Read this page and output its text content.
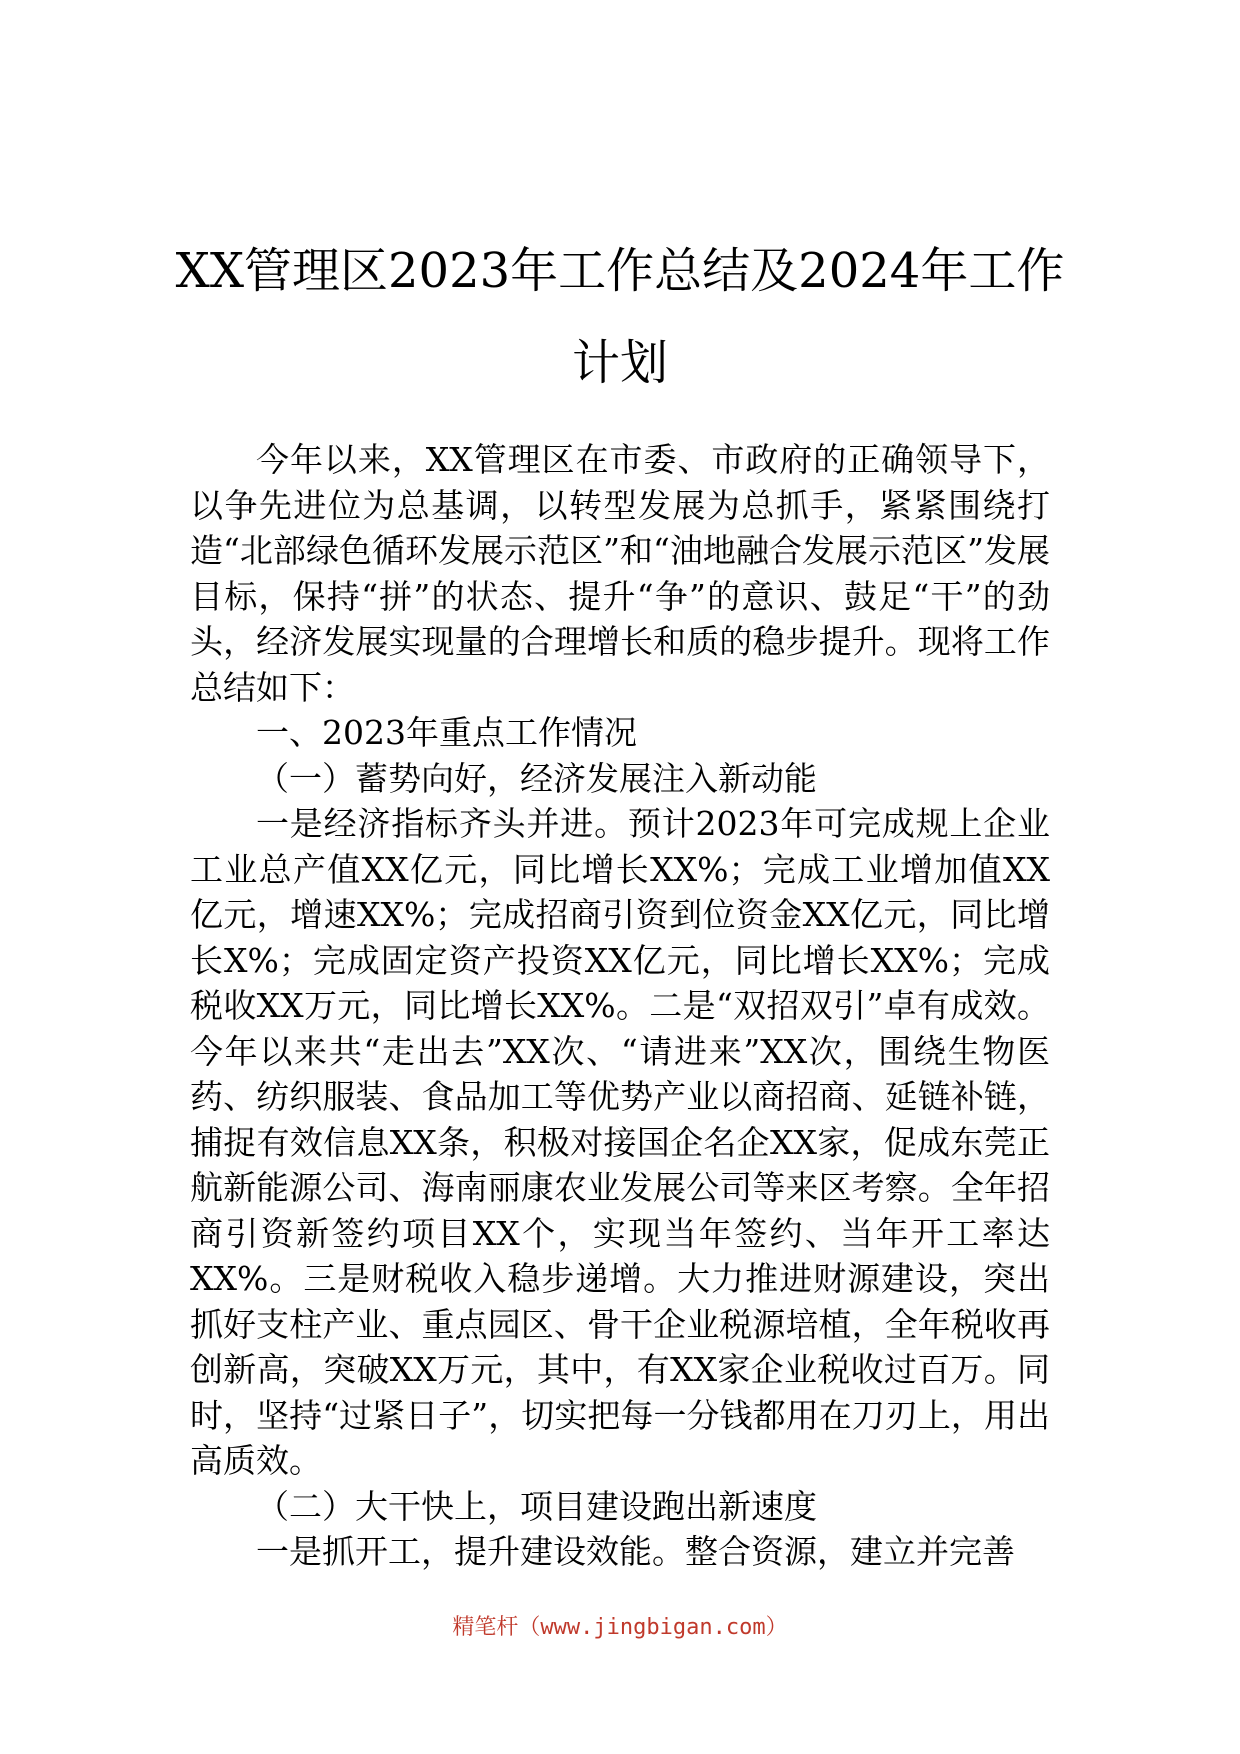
XX管理区2023年工作总结及2024年工作
计划

今年以来，XX管理区在市委、市政府的正确领导下，以争先进位为总基调，以转型发展为总抓手，紧紧围绕打造“北部绿色循环发展示范区”和“油地融合发展示范区”发展目标，保持“拼”的状态、提升“争”的意识、鼓足“干”的劲头，经济发展实现量的合理增长和质的稳步提升。现将工作总结如下：

一、2023年重点工作情况

（一）蓄势向好，经济发展注入新动能

一是经济指标齐头并进。预计2023年可完成规上企业工业总产值XX亿元，同比增长XX%；完成工业增加值XX亿元，增速XX%；完成招商引资到位资金XX亿元，同比增长X%；完成固定资产投资XX亿元，同比增长XX%；完成税收XX万元，同比增长XX%。二是“双招双引”卓有成效。今年以来共“走出去”XX次、“请进来”XX次，围绕生物医药、纺织服装、食品加工等优势产业以商招商、延链补链，捕捉有效信息XX条，积极对接国企名企XX家，促成东莞正航新能源公司、海南丽康农业发展公司等来区考察。全年招商引资新签约项目XX个，实现当年签约、当年开工率达XX%。三是财税收入稳步递增。大力推进财源建设，突出抓好支柱产业、重点园区、骨干企业税源培植，全年税收再创新高，突破XX万元，其中，有XX家企业税收过百万。同时，坚持“过紧日子”，切实把每一分钱都用在刀刃上，用出高质效。

（二）大干快上，项目建设跑出新速度

一是抓开工，提升建设效能。整合资源，建立并完善

精笔杆（www.jingbigan.com）
